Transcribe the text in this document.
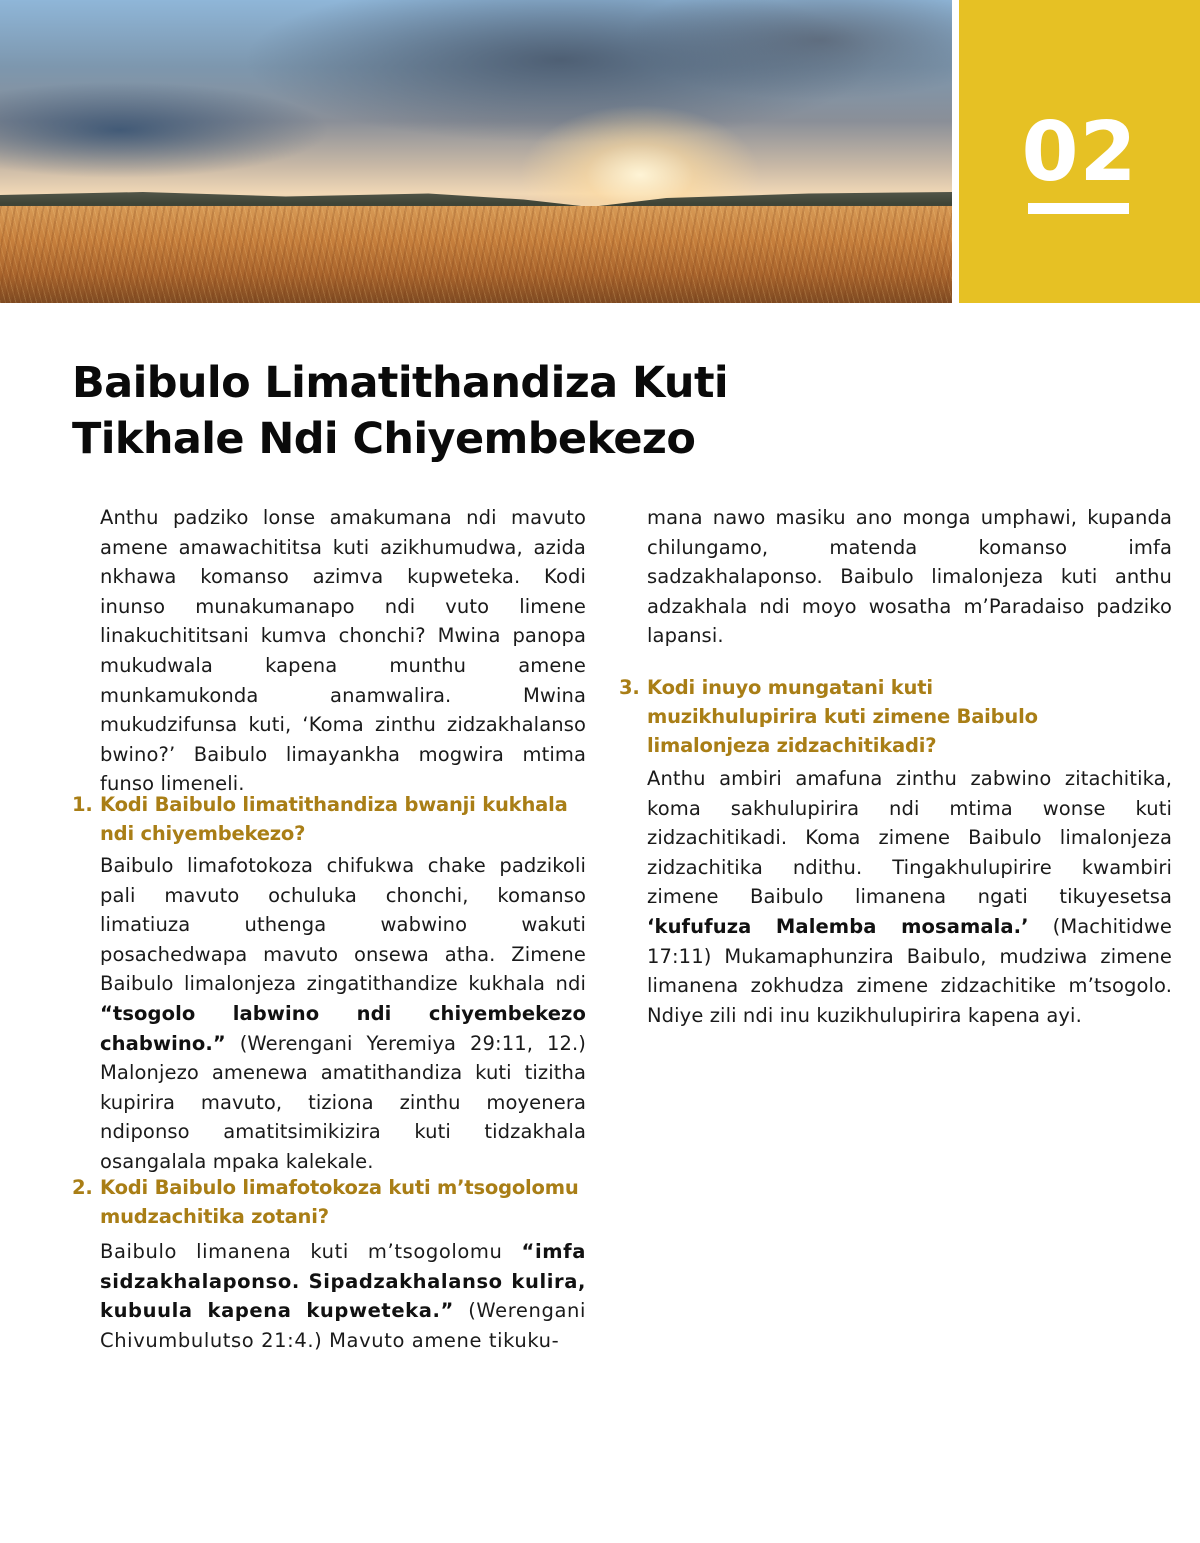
02
Baibulo Limatithandiza Kuti
Tikhale Ndi Chiyembekezo

Anthu padziko lonse amakumana ndi mavuto amene amawachititsa kuti azikhumudwa, azida nkhawa komanso azimva kupweteka. Kodi inunso munakumanapo ndi vuto limene linakuchititsani kumva chonchi? Mwina panopa mukudwala kapena munthu amene munkamukonda anamwalira. Mwina mukudzifunsa kuti, ‘Koma zinthu zidzakhalanso bwino?’ Baibulo limayankha mogwira mtima funso limeneli.

1. Kodi Baibulo limatithandiza bwanji kukhala ndi chiyembekezo?

Baibulo limafotokoza chifukwa chake padzikoli pali mavuto ochuluka chonchi, komanso limatiuza uthenga wabwino wakuti posachedwapa mavuto onsewa atha. Zimene Baibulo limalonjeza zingatithandize kukhala ndi “tsogolo labwino ndi chiyembekezo chabwino.” (Werengani Yeremiya 29:11, 12.) Malonjezo amenewa amatithandiza kuti tizitha kupirira mavuto, tiziona zinthu moyenera ndiponso amatitsimikizira kuti tidzakhala osangalala mpaka kalekale.

2. Kodi Baibulo limafotokoza kuti m’tsogolomu mudzachitika zotani?

Baibulo limanena kuti m’tsogolomu “imfa sidzakhalaponso. Sipadzakhalanso kulira, kubuula kapena kupweteka.” (Werengani Chivumbulutso 21:4.) Mavuto amene tikuku-

mana nawo masiku ano monga umphawi, kupanda chilungamo, matenda komanso imfa sadzakhalaponso. Baibulo limalonjeza kuti anthu adzakhala ndi moyo wosatha m’Paradaiso padziko lapansi.

3. Kodi inuyo mungatani kuti muzikhulupirira kuti zimene Baibulo limalonjeza zidzachitikadi?

Anthu ambiri amafuna zinthu zabwino zitachitika, koma sakhulupirira ndi mtima wonse kuti zidzachitikadi. Koma zimene Baibulo limalonjeza zidzachitika ndithu. Tingakhulupirire kwambiri zimene Baibulo limanena ngati tikuyesetsa ‘kufufuza Malemba mosamala.’ (Machitidwe 17:11) Mukamaphunzira Baibulo, mudziwa zimene limanena zokhudza zimene zidzachitike m’tsogolo. Ndiye zili ndi inu kuzikhulupirira kapena ayi.
